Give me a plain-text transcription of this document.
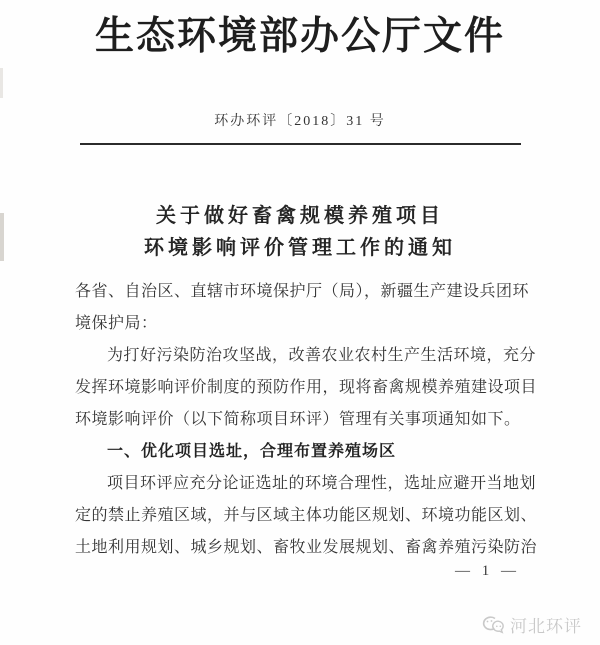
生态环境部办公厅文件
环办环评〔2018〕31 号
关于做好畜禽规模养殖项目
环境影响评价管理工作的通知
各省、自治区、直辖市环境保护厅（局），新疆生产建设兵团环
境保护局：
为打好污染防治攻坚战，改善农业农村生产生活环境，充分
发挥环境影响评价制度的预防作用，现将畜禽规模养殖建设项目
环境影响评价（以下简称项目环评）管理有关事项通知如下。
一、优化项目选址，合理布置养殖场区
项目环评应充分论证选址的环境合理性，选址应避开当地划
定的禁止养殖区域，并与区域主体功能区规划、环境功能区划、
土地利用规划、城乡规划、畜牧业发展规划、畜禽养殖污染防治
— 1 —
河北环评
